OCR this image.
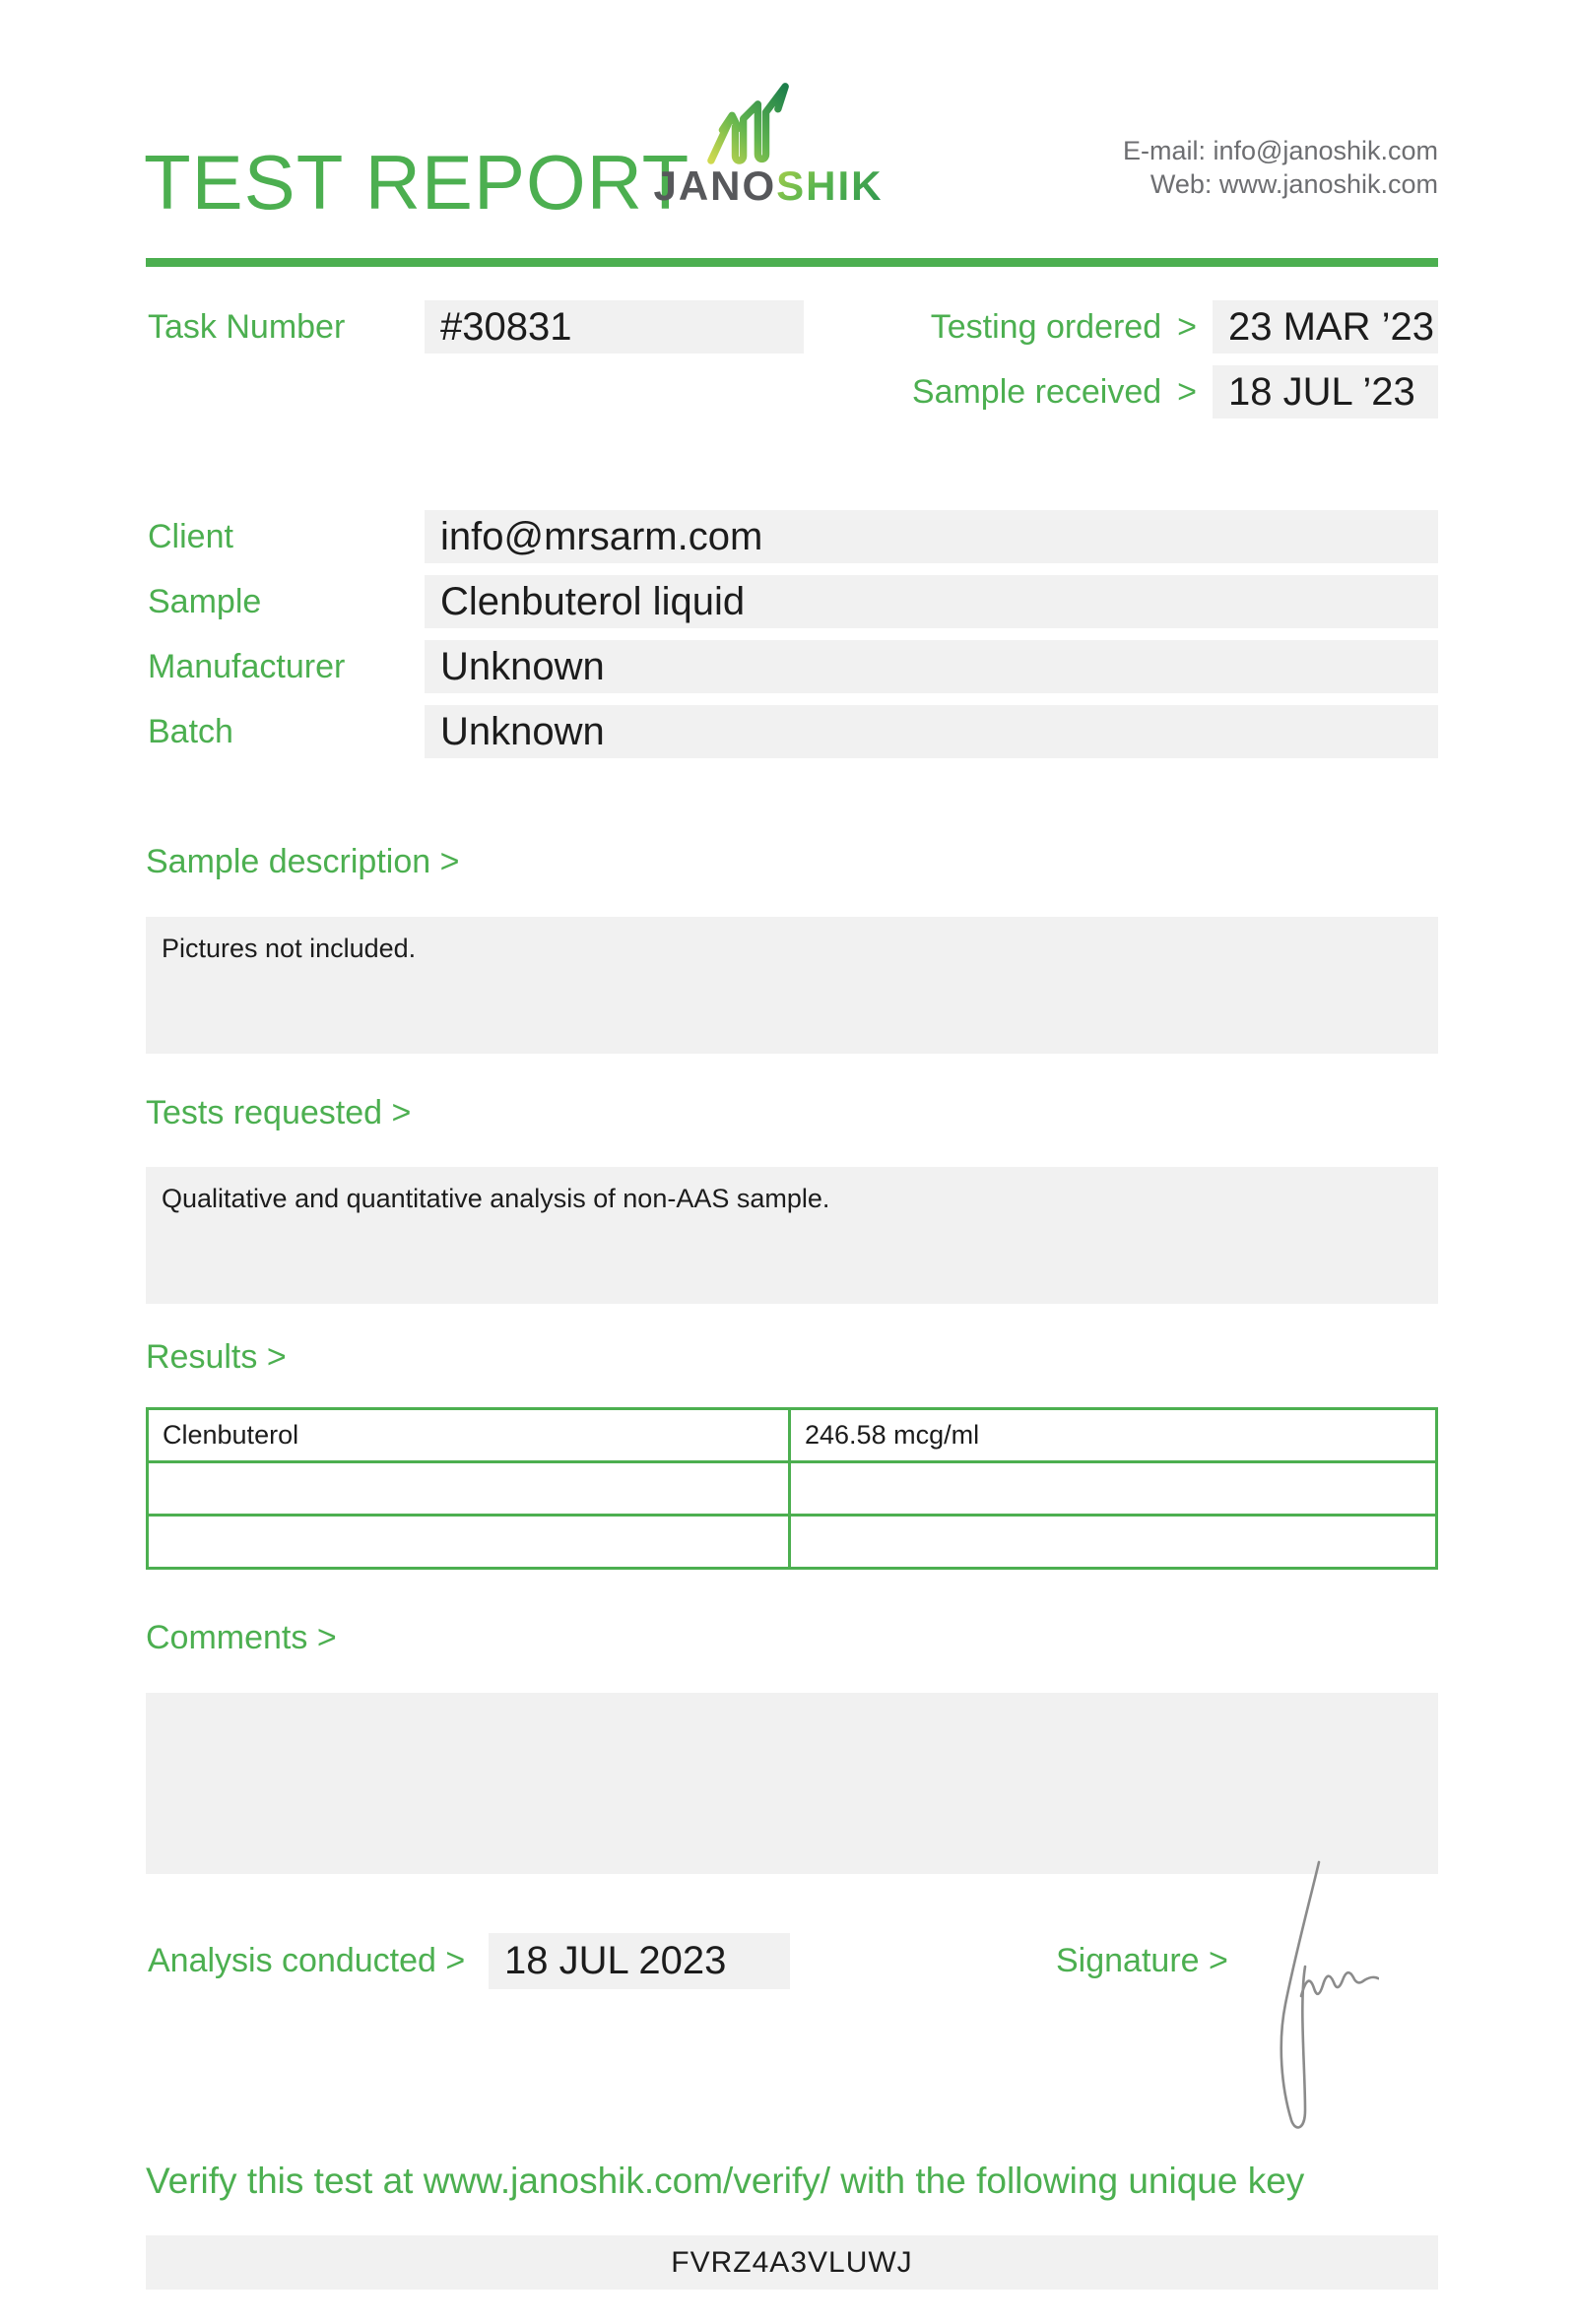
TEST REPORT
JANOSHIK
E-mail: info@janoshik.com
Web: www.janoshik.com
Task Number	#30831	Testing ordered > 23 MAR ’23
Sample received > 18 JUL ’23
Client	info@mrsarm.com
Sample	Clenbuterol liquid
Manufacturer	Unknown
Batch	Unknown
Sample description >
Pictures not included.
Tests requested >
Qualitative and quantitative analysis of non-AAS sample.
Results >
Clenbuterol	246.58 mcg/ml

Comments >
Analysis conducted > 18 JUL 2023	Signature >
Verify this test at www.janoshik.com/verify/ with the following unique key
FVRZ4A3VLUWJ
